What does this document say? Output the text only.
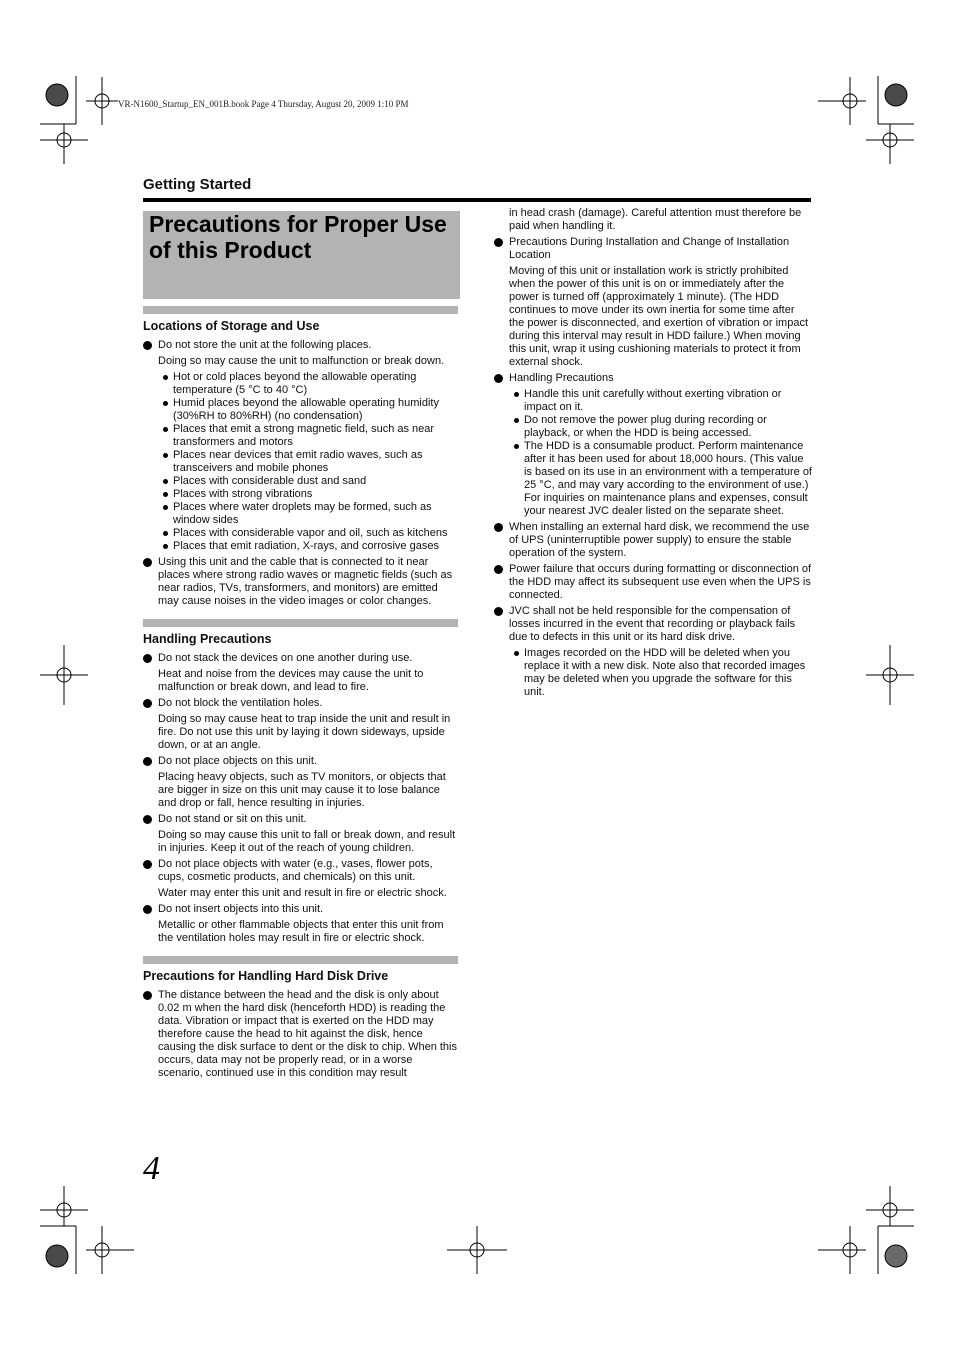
VR-N1600_Startup_EN_001B.book Page 4 Thursday, August 20, 2009 1:10 PM
Getting Started
Precautions for Proper Use of this Product
Locations of Storage and Use
Do not store the unit at the following places.
Doing so may cause the unit to malfunction or break down.
Hot or cold places beyond the allowable operating temperature (5 °C to 40 °C)
Humid places beyond the allowable operating humidity (30%RH to 80%RH) (no condensation)
Places that emit a strong magnetic field, such as near transformers and motors
Places near devices that emit radio waves, such as transceivers and mobile phones
Places with considerable dust and sand
Places with strong vibrations
Places where water droplets may be formed, such as window sides
Places with considerable vapor and oil, such as kitchens
Places that emit radiation, X-rays, and corrosive gases
Using this unit and the cable that is connected to it near places where strong radio waves or magnetic fields (such as near radios, TVs, transformers, and monitors) are emitted may cause noises in the video images or color changes.
Handling Precautions
Do not stack the devices on one another during use.
Heat and noise from the devices may cause the unit to malfunction or break down, and lead to fire.
Do not block the ventilation holes.
Doing so may cause heat to trap inside the unit and result in fire. Do not use this unit by laying it down sideways, upside down, or at an angle.
Do not place objects on this unit.
Placing heavy objects, such as TV monitors, or objects that are bigger in size on this unit may cause it to lose balance and drop or fall, hence resulting in injuries.
Do not stand or sit on this unit.
Doing so may cause this unit to fall or break down, and result in injuries. Keep it out of the reach of young children.
Do not place objects with water (e.g., vases, flower pots, cups, cosmetic products, and chemicals) on this unit.
Water may enter this unit and result in fire or electric shock.
Do not insert objects into this unit.
Metallic or other flammable objects that enter this unit from the ventilation holes may result in fire or electric shock.
Precautions for Handling Hard Disk Drive
The distance between the head and the disk is only about 0.02 m when the hard disk (henceforth HDD) is reading the data. Vibration or impact that is exerted on the HDD may therefore cause the head to hit against the disk, hence causing the disk surface to dent or the disk to chip. When this occurs, data may not be properly read, or in a worse scenario, continued use in this condition may result
in head crash (damage). Careful attention must therefore be paid when handling it.
Precautions During Installation and Change of Installation Location
Moving of this unit or installation work is strictly prohibited when the power of this unit is on or immediately after the power is turned off (approximately 1 minute). (The HDD continues to move under its own inertia for some time after the power is disconnected, and exertion of vibration or impact during this interval may result in HDD failure.) When moving this unit, wrap it using cushioning materials to protect it from external shock.
Handling Precautions
Handle this unit carefully without exerting vibration or impact on it.
Do not remove the power plug during recording or playback, or when the HDD is being accessed.
The HDD is a consumable product. Perform maintenance after it has been used for about 18,000 hours. (This value is based on its use in an environment with a temperature of 25 °C, and may vary according to the environment of use.) For inquiries on maintenance plans and expenses, consult your nearest JVC dealer listed on the separate sheet.
When installing an external hard disk, we recommend the use of UPS (uninterruptible power supply) to ensure the stable operation of the system.
Power failure that occurs during formatting or disconnection of the HDD may affect its subsequent use even when the UPS is connected.
JVC shall not be held responsible for the compensation of losses incurred in the event that recording or playback fails due to defects in this unit or its hard disk drive.
Images recorded on the HDD will be deleted when you replace it with a new disk. Note also that recorded images may be deleted when you upgrade the software for this unit.
4
